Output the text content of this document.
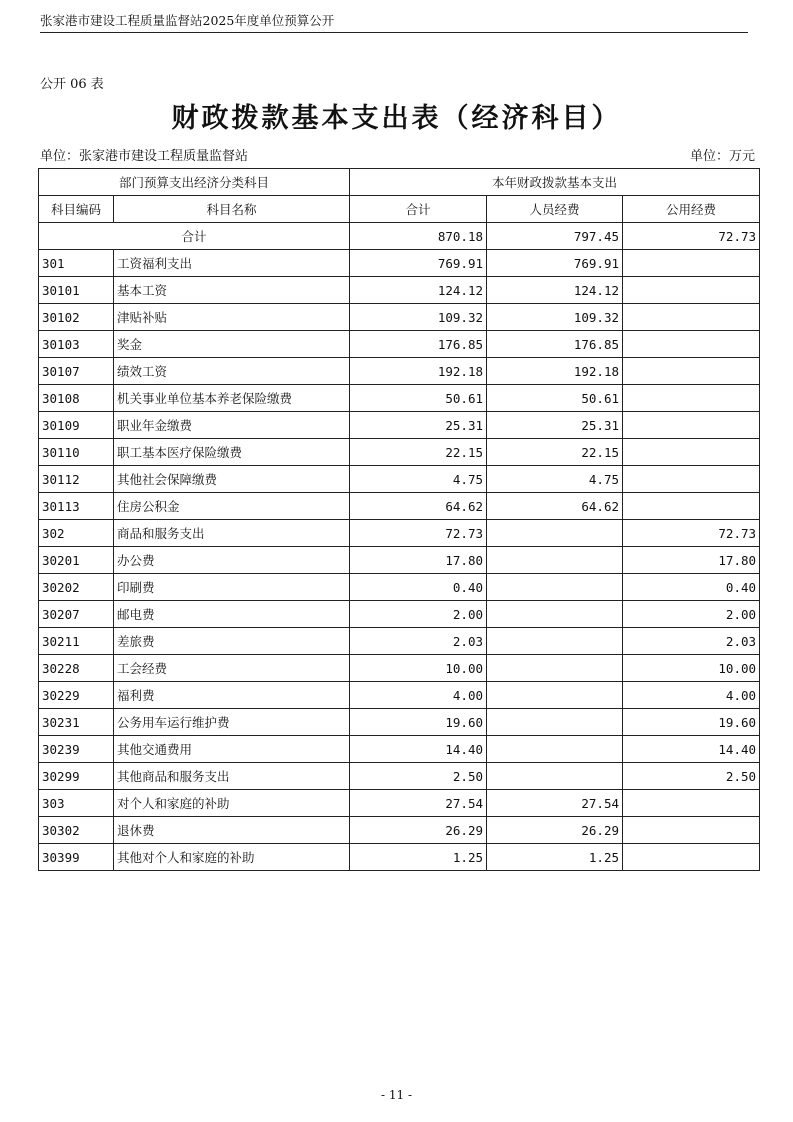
张家港市建设工程质量监督站2025年度单位预算公开
公开 06 表
财政拨款基本支出表（经济科目）
单位：张家港市建设工程质量监督站	单位：万元
部门预算支出经济分类科目		本年财政拨款基本支出		
科目编码	科目名称	合计	人员经费	公用经费
合计		870.18	797.45	72.73
301	工资福利支出	769.91	769.91	
30101	基本工资	124.12	124.12	
30102	津贴补贴	109.32	109.32	
30103	奖金	176.85	176.85	
30107	绩效工资	192.18	192.18	
30108	机关事业单位基本养老保险缴费	50.61	50.61	
30109	职业年金缴费	25.31	25.31	
30110	职工基本医疗保险缴费	22.15	22.15	
30112	其他社会保障缴费	4.75	4.75	
30113	住房公积金	64.62	64.62	
302	商品和服务支出	72.73		72.73
30201	办公费	17.80		17.80
30202	印刷费	0.40		0.40
30207	邮电费	2.00		2.00
30211	差旅费	2.03		2.03
30228	工会经费	10.00		10.00
30229	福利费	4.00		4.00
30231	公务用车运行维护费	19.60		19.60
30239	其他交通费用	14.40		14.40
30299	其他商品和服务支出	2.50		2.50
303	对个人和家庭的补助	27.54	27.54	
30302	退休费	26.29	26.29	
30399	其他对个人和家庭的补助	1.25	1.25	
- 11 -
